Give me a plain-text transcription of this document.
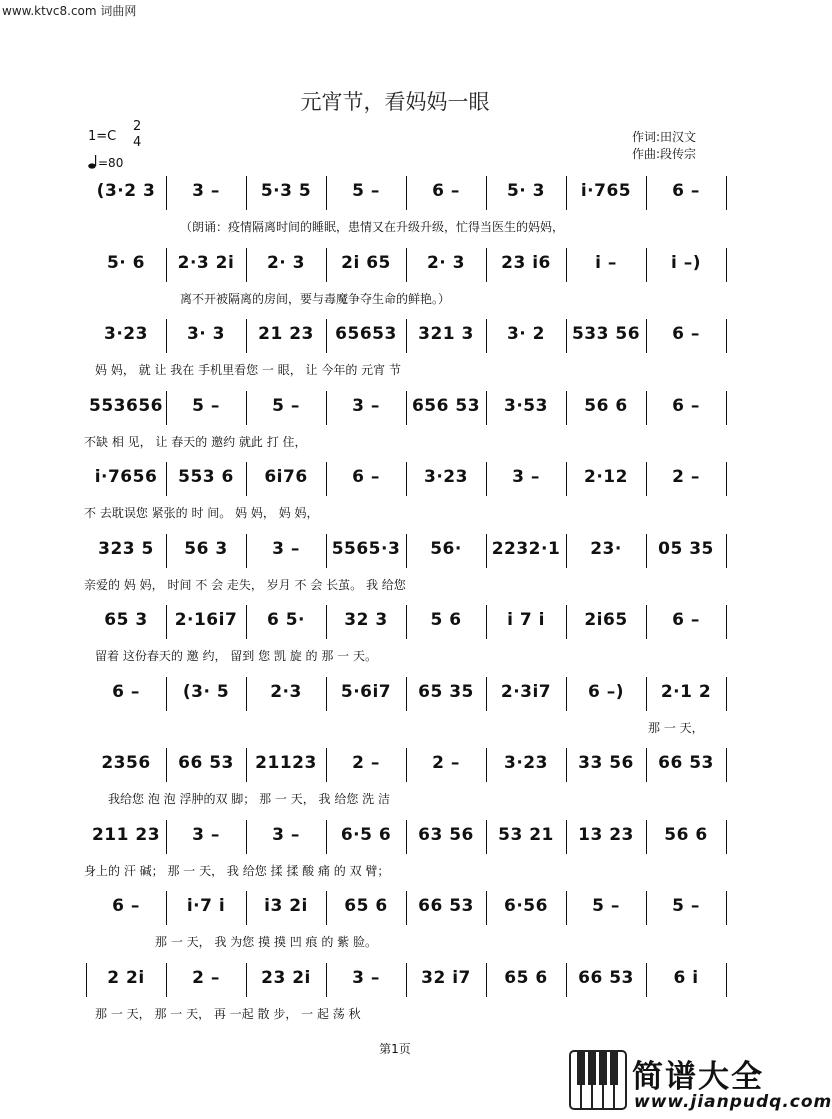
www.ktvc8.com 词曲网
元宵节，看妈妈一眼
1=C
2
4
=80
作词:田汉文
作曲:段传宗
(3·2 3	3 –	5·3 5	5 –	6 –	5· 3	i·765	6 –
（朗诵：疫情隔离时间的睡眠，患情又在升级升级，忙得当医生的妈妈，
5· 6	2·3 2i	2· 3	2i 65	2· 3	23 i6	i –	i –)
离不开被隔离的房间，要与毒魔争夺生命的鲜艳。）
3·23	3· 3	21 23	65653	321 3	3· 2	533 56	6 –
妈 妈， 就 让 我在 手机里看您 一 眼， 让 今年的 元宵 节
553656	5 –	5 –	3 –	656 53	3·53	56 6	6 –
不缺 相 见， 让 春天的 邀约 就此 打 住，
i·7656	553 6	6i76	6 –	3·23	3 –	2·12	2 –
不 去耽误您 紧张的 时 间。 妈 妈， 妈 妈，
323 5	56 3	3 –	5565·3	56·	2232·1	23·	05 35
亲爱的 妈 妈， 时间 不 会 走失， 岁月 不 会 长茧。 我 给您
65 3	2·16i7	6 5·	32 3	5 6	i 7 i	2i65	6 –
留着 这份春天的 邀 约， 留到 您 凯 旋 的 那 一 天。
6 –	(3· 5	2·3	5·6i7	65 35	2·3i7	6 –)	2·1 2
那 一 天，
2356	66 53	21123	2 –	2 –	3·23	33 56	66 53
我给您 泡 泡 浮肿的双 脚； 那 一 天， 我 给您 洗 洁
211 23	3 –	3 –	6·5 6	63 56	53 21	13 23	56 6
身上的 汗 碱； 那 一 天， 我 给您 揉 揉 酸 痛 的 双 臂；
6 –	i·7 i	i3 2i	65 6	66 53	6·56	5 –	5 –
那 一 天， 我 为您 摸 摸 凹 痕 的 紫 脸。
2 2i	2 –	23 2i	3 –	32 i7	65 6	66 53	6 i
那 一 天， 那 一 天， 再 一起 散 步， 一 起 荡 秋
第1页
简谱大全
www.jianpudq.com
